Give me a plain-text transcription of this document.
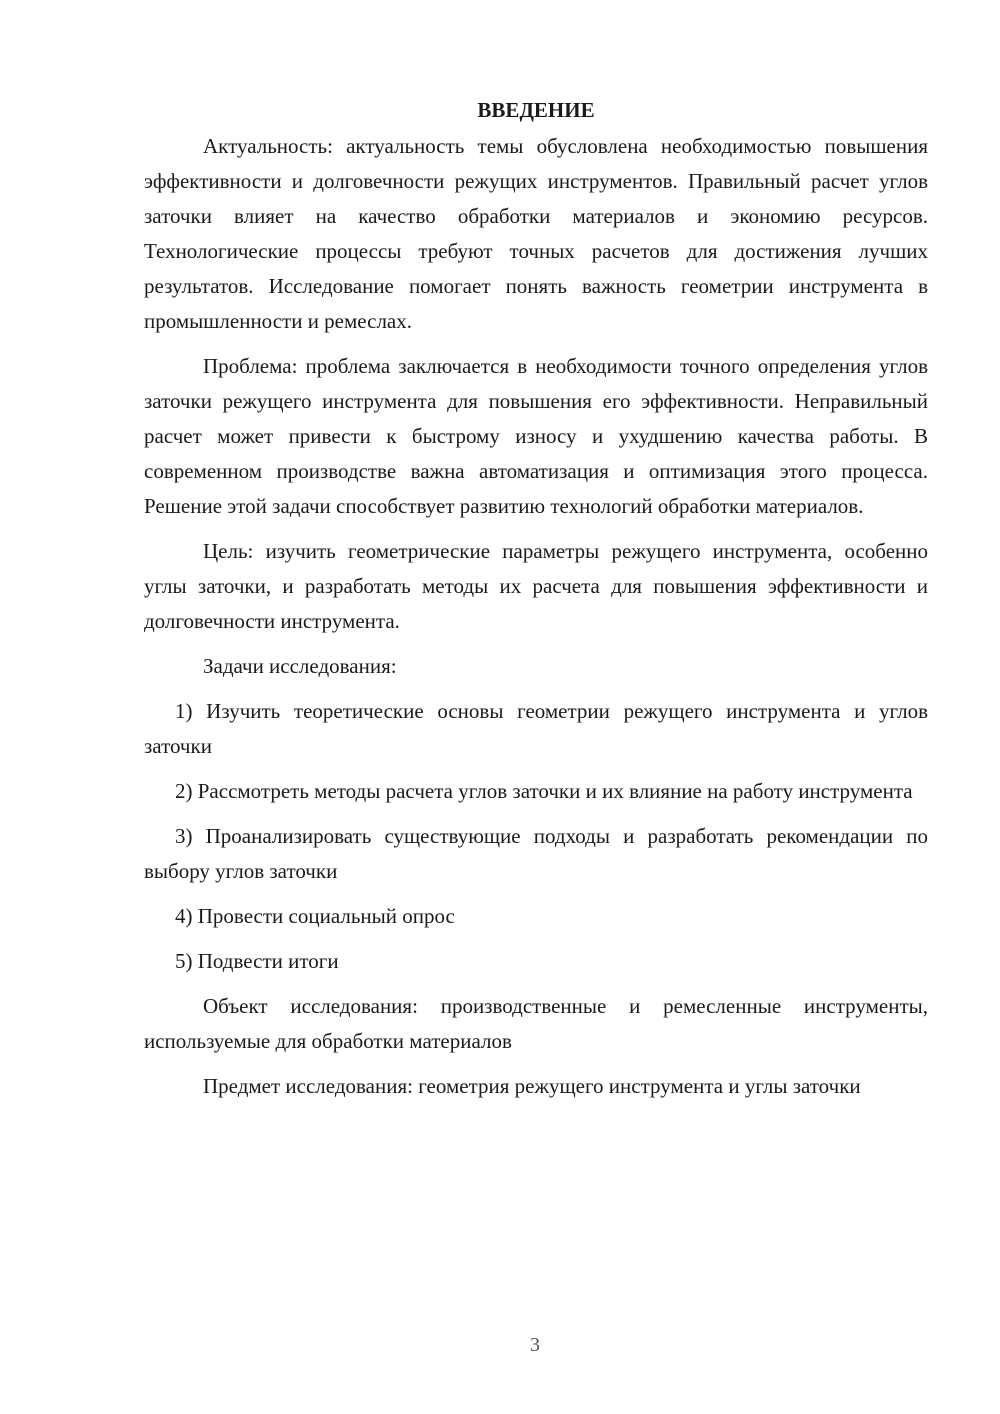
ВВЕДЕНИЕ

Актуальность: актуальность темы обусловлена необходимостью повышения эффективности и долговечности режущих инструментов. Правильный расчет углов заточки влияет на качество обработки материалов и экономию ресурсов. Технологические процессы требуют точных расчетов для достижения лучших результатов. Исследование помогает понять важность геометрии инструмента в промышленности и ремеслах.

Проблема: проблема заключается в необходимости точного определения углов заточки режущего инструмента для повышения его эффективности. Неправильный расчет может привести к быстрому износу и ухудшению качества работы. В современном производстве важна автоматизация и оптимизация этого процесса. Решение этой задачи способствует развитию технологий обработки материалов.

Цель: изучить геометрические параметры режущего инструмента, особенно углы заточки, и разработать методы их расчета для повышения эффективности и долговечности инструмента.

Задачи исследования:

1) Изучить теоретические основы геометрии режущего инструмента и углов заточки

2) Рассмотреть методы расчета углов заточки и их влияние на работу инструмента

3) Проанализировать существующие подходы и разработать рекомендации по выбору углов заточки

4) Провести социальный опрос

5) Подвести итоги

Объект исследования: производственные и ремесленные инструменты, используемые для обработки материалов

Предмет исследования: геометрия режущего инструмента и углы заточки

3
